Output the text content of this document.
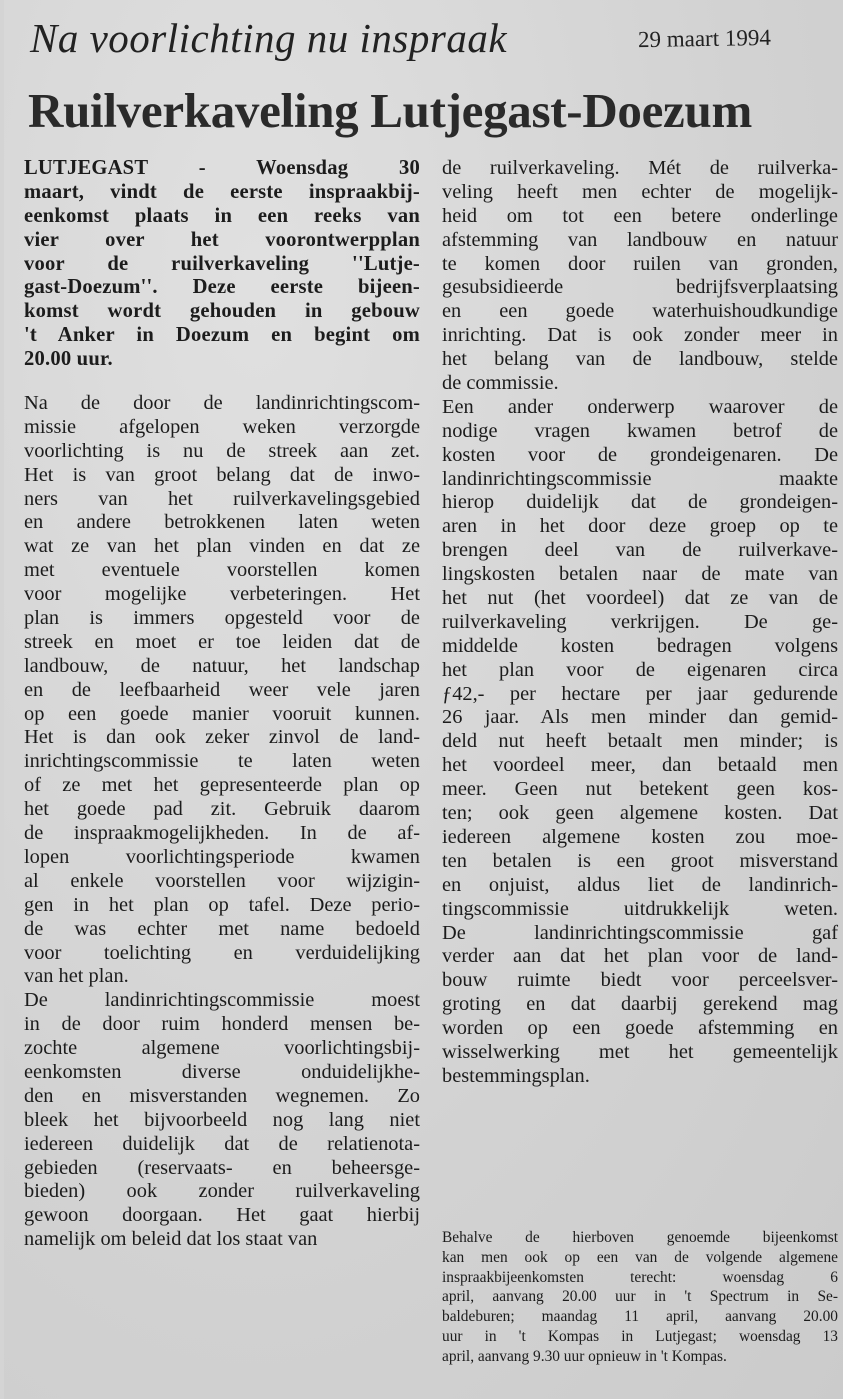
Na voorlichting nu inspraak	29 maart 1994
Ruilverkaveling Lutjegast-Doezum
LUTJEGAST - Woensdag 30
maart, vindt de eerste inspraakbij-
eenkomst plaats in een reeks van
vier over het voorontwerpplan
voor de ruilverkaveling ''Lutje-
gast-Doezum''. Deze eerste bijeen-
komst wordt gehouden in gebouw
't Anker in Doezum en begint om
20.00 uur.
Na de door de landinrichtingscom-
missie afgelopen weken verzorgde
voorlichting is nu de streek aan zet.
Het is van groot belang dat de inwo-
ners van het ruilverkavelingsgebied
en andere betrokkenen laten weten
wat ze van het plan vinden en dat ze
met eventuele voorstellen komen
voor mogelijke verbeteringen. Het
plan is immers opgesteld voor de
streek en moet er toe leiden dat de
landbouw, de natuur, het landschap
en de leefbaarheid weer vele jaren
op een goede manier vooruit kunnen.
Het is dan ook zeker zinvol de land-
inrichtingscommissie te laten weten
of ze met het gepresenteerde plan op
het goede pad zit. Gebruik daarom
de inspraakmogelijkheden. In de af-
lopen voorlichtingsperiode kwamen
al enkele voorstellen voor wijzigin-
gen in het plan op tafel. Deze perio-
de was echter met name bedoeld
voor toelichting en verduidelijking
van het plan.
De landinrichtingscommissie moest
in de door ruim honderd mensen be-
zochte algemene voorlichtingsbij-
eenkomsten diverse onduidelijkhe-
den en misverstanden wegnemen. Zo
bleek het bijvoorbeeld nog lang niet
iedereen duidelijk dat de relatienota-
gebieden (reservaats- en beheersge-
bieden) ook zonder ruilverkaveling
gewoon doorgaan. Het gaat hierbij
namelijk om beleid dat los staat van
de ruilverkaveling. Mét de ruilverka-
veling heeft men echter de mogelijk-
heid om tot een betere onderlinge
afstemming van landbouw en natuur
te komen door ruilen van gronden,
gesubsidieerde bedrijfsverplaatsing
en een goede waterhuishoudkundige
inrichting. Dat is ook zonder meer in
het belang van de landbouw, stelde
de commissie.
Een ander onderwerp waarover de
nodige vragen kwamen betrof de
kosten voor de grondeigenaren. De
landinrichtingscommissie maakte
hierop duidelijk dat de grondeigen-
aren in het door deze groep op te
brengen deel van de ruilverkave-
lingskosten betalen naar de mate van
het nut (het voordeel) dat ze van de
ruilverkaveling verkrijgen. De ge-
middelde kosten bedragen volgens
het plan voor de eigenaren circa
ƒ42,- per hectare per jaar gedurende
26 jaar. Als men minder dan gemid-
deld nut heeft betaalt men minder; is
het voordeel meer, dan betaald men
meer. Geen nut betekent geen kos-
ten; ook geen algemene kosten. Dat
iedereen algemene kosten zou moe-
ten betalen is een groot misverstand
en onjuist, aldus liet de landinrich-
tingscommissie uitdrukkelijk weten.
De landinrichtingscommissie gaf
verder aan dat het plan voor de land-
bouw ruimte biedt voor perceelsver-
groting en dat daarbij gerekend mag
worden op een goede afstemming en
wisselwerking met het gemeentelijk
bestemmingsplan.
Behalve de hierboven genoemde bijeenkomst
kan men ook op een van de volgende algemene
inspraakbijeenkomsten terecht: woensdag 6
april, aanvang 20.00 uur in 't Spectrum in Se-
baldeburen; maandag 11 april, aanvang 20.00
uur in 't Kompas in Lutjegast; woensdag 13
april, aanvang 9.30 uur opnieuw in 't Kompas.
